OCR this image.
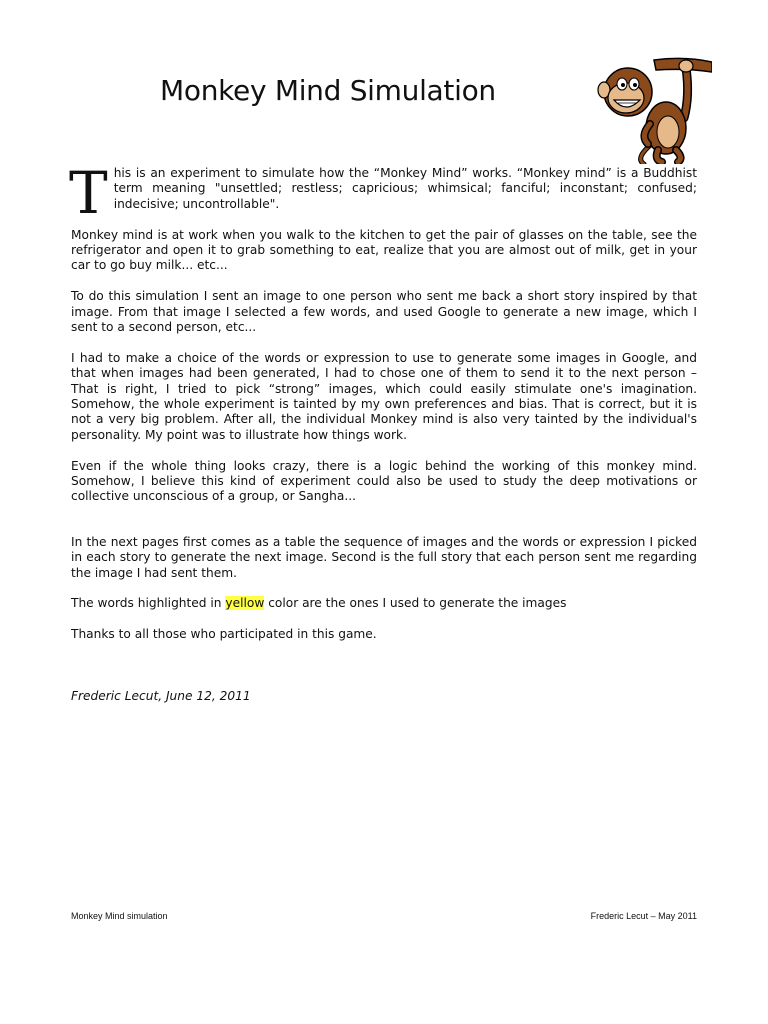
Monkey Mind Simulation

T his is an experiment to simulate how the “Monkey Mind” works. “Monkey mind” is a Buddhist term meaning "unsettled; restless; capricious; whimsical; fanciful; inconstant; confused; indecisive; uncontrollable".

Monkey mind is at work when you walk to the kitchen to get the pair of glasses on the table, see the refrigerator and open it to grab something to eat, realize that you are almost out of milk, get in your car to go buy milk... etc...

To do this simulation I sent an image to one person who sent me back a short story inspired by that image. From that image I selected a few words, and used Google to generate a new image, which I sent to a second person, etc...

I had to make a choice of the words or expression to use to generate some images in Google, and that when images had been generated, I had to chose one of them to send it to the next person – That is right, I tried to pick “strong” images, which could easily stimulate one's imagination. Somehow, the whole experiment is tainted by my own preferences and bias. That is correct, but it is not a very big problem. After all, the individual Monkey mind is also very tainted by the individual's personality. My point was to illustrate how things work.

Even if the whole thing looks crazy, there is a logic behind the working of this monkey mind. Somehow, I believe this kind of experiment could also be used to study the deep motivations or collective unconscious of a group, or Sangha...

In the next pages first comes as a table the sequence of images and the words or expression I picked in each story to generate the next image. Second is the full story that each person sent me regarding the image I had sent them.

The words highlighted in yellow color are the ones I used to generate the images

Thanks to all those who participated in this game.

Frederic Lecut, June 12, 2011

Monkey Mind simulation	Frederic Lecut – May 2011
